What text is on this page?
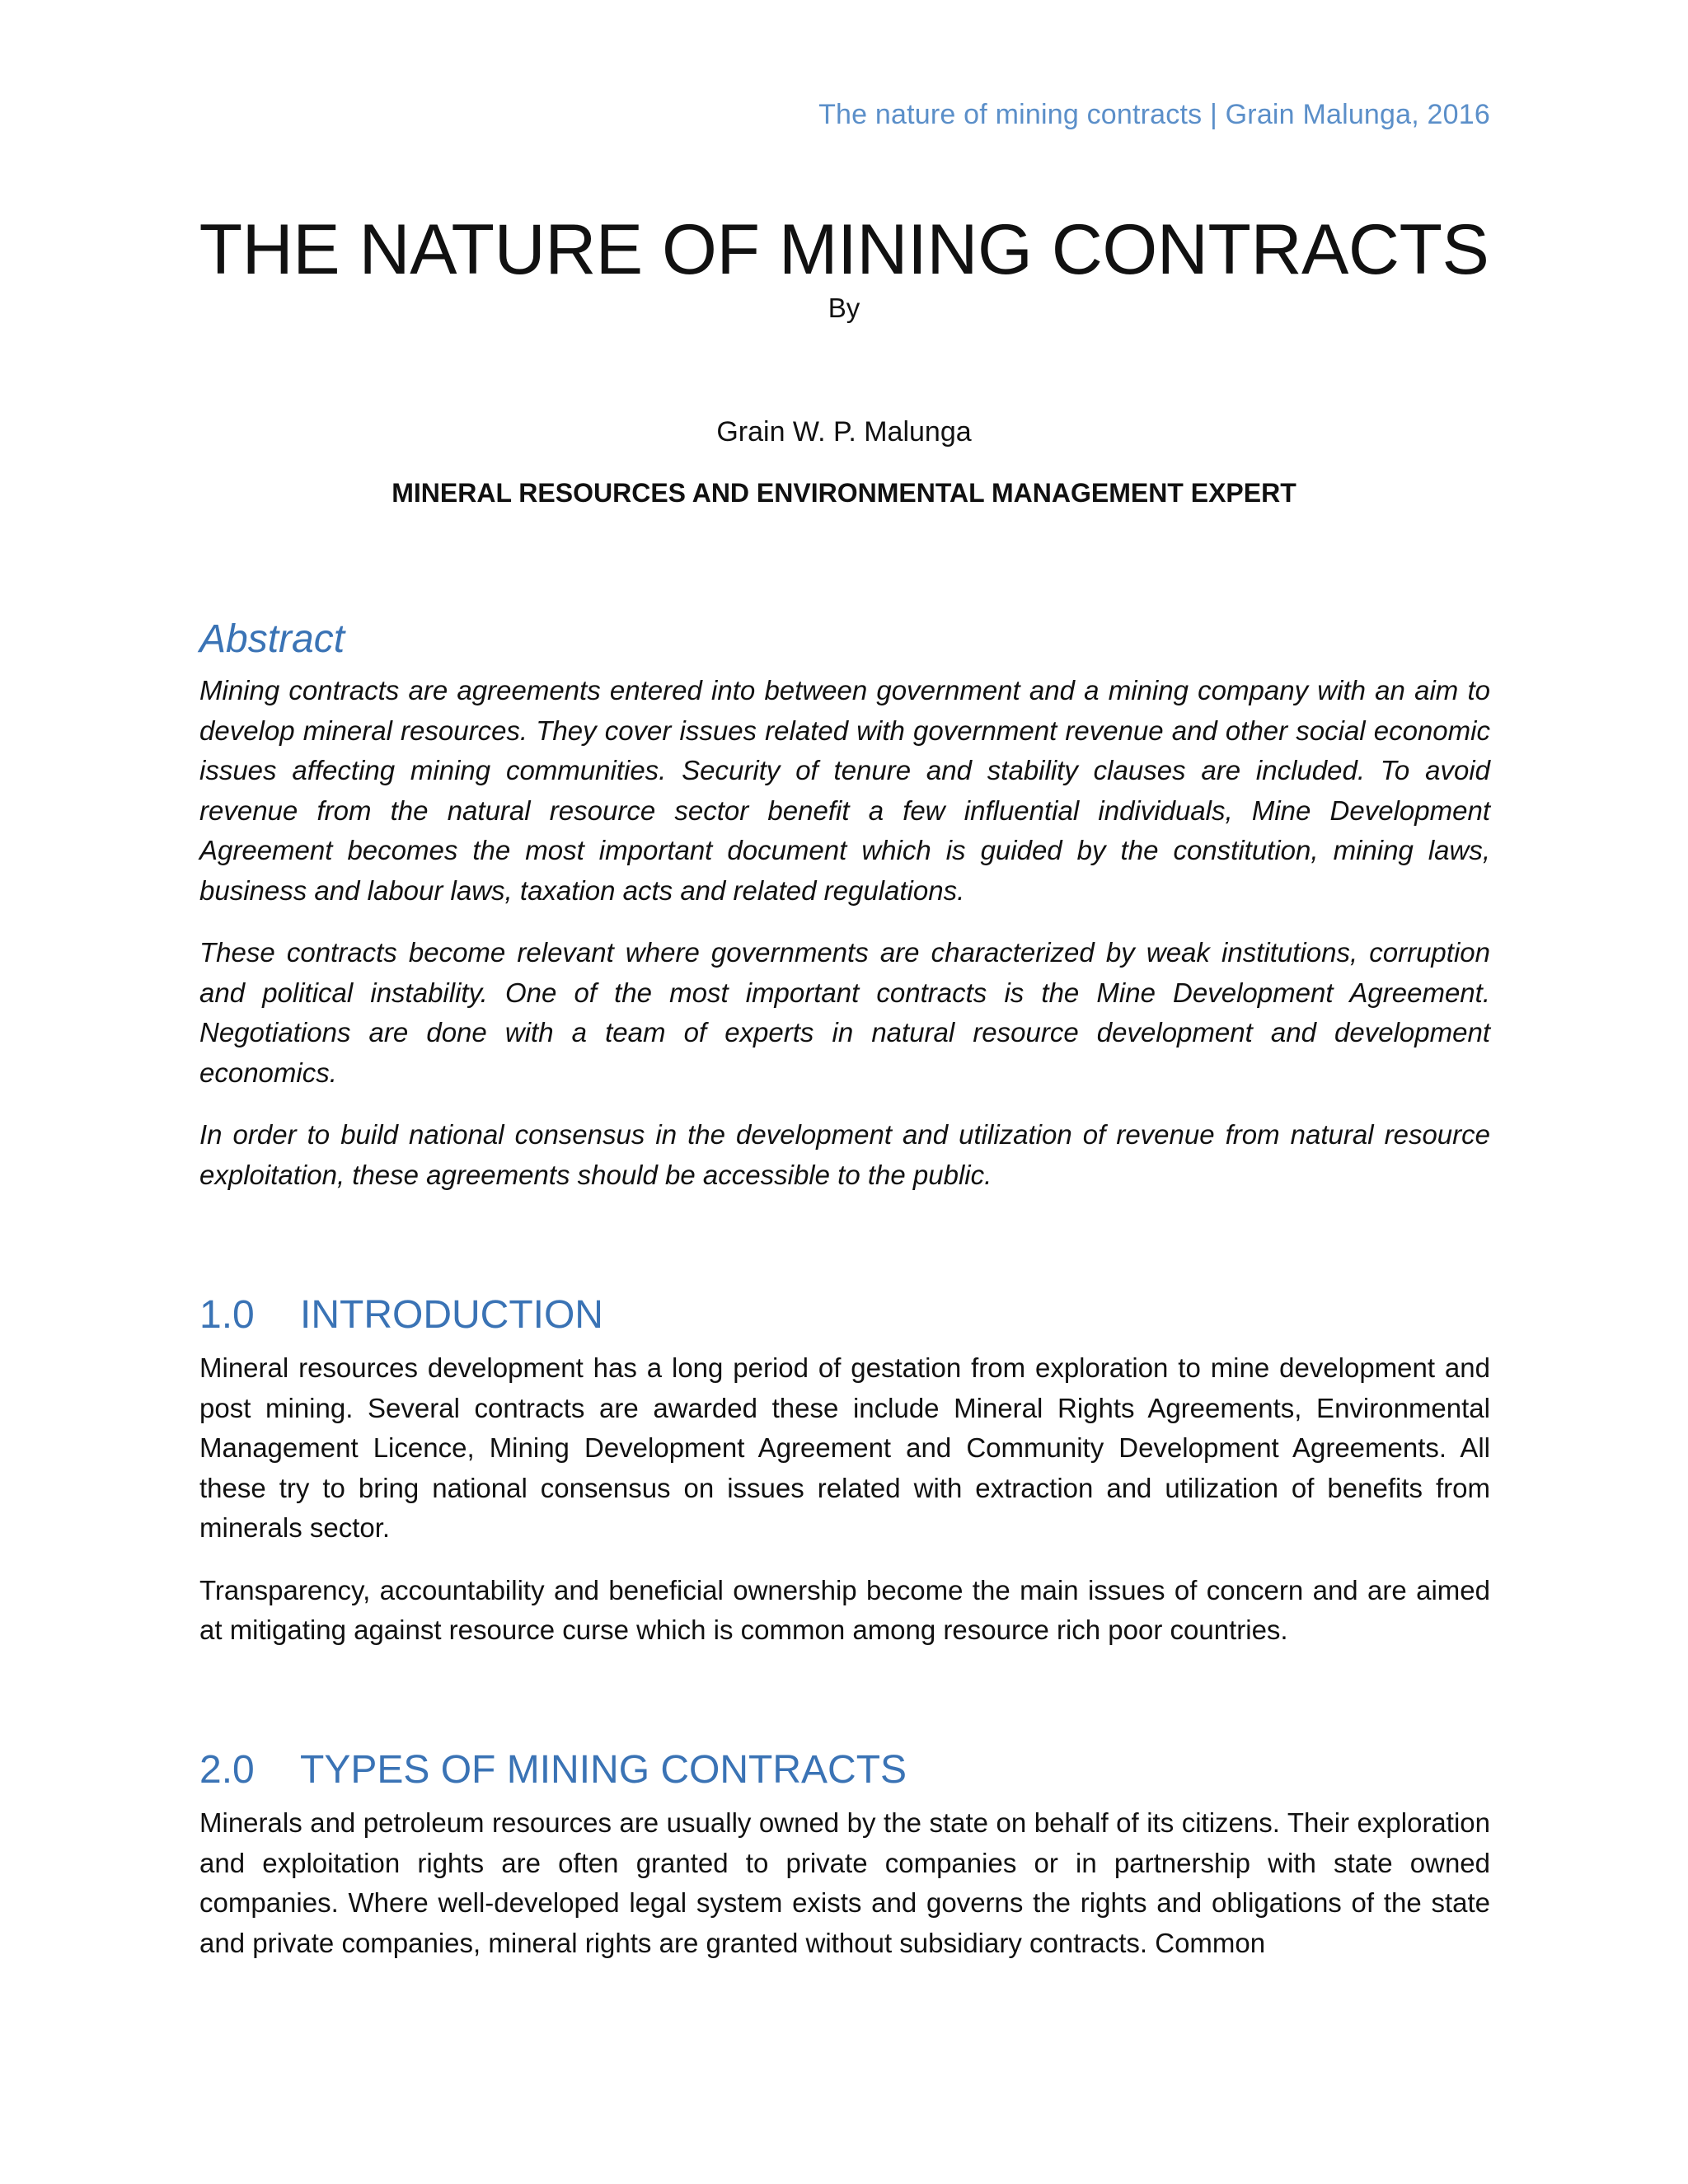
The nature of mining contracts | Grain Malunga, 2016
THE NATURE OF MINING CONTRACTS
By
Grain W. P. Malunga
MINERAL RESOURCES AND ENVIRONMENTAL MANAGEMENT EXPERT
Abstract

Mining contracts are agreements entered into between government and a mining company with an aim to develop mineral resources. They cover issues related with government revenue and other social economic issues affecting mining communities. Security of tenure and stability clauses are included. To avoid revenue from the natural resource sector benefit a few influential individuals, Mine Development Agreement becomes the most important document which is guided by the constitution, mining laws, business and labour laws, taxation acts and related regulations.

These contracts become relevant where governments are characterized by weak institutions, corruption and political instability. One of the most important contracts is the Mine Development Agreement. Negotiations are done with a team of experts in natural resource development and development economics.

In order to build national consensus in the development and utilization of revenue from natural resource exploitation, these agreements should be accessible to the public.

1.0 INTRODUCTION

Mineral resources development has a long period of gestation from exploration to mine development and post mining. Several contracts are awarded these include Mineral Rights Agreements, Environmental Management Licence, Mining Development Agreement and Community Development Agreements. All these try to bring national consensus on issues related with extraction and utilization of benefits from minerals sector.

Transparency, accountability and beneficial ownership become the main issues of concern and are aimed at mitigating against resource curse which is common among resource rich poor countries.

2.0 TYPES OF MINING CONTRACTS

Minerals and petroleum resources are usually owned by the state on behalf of its citizens. Their exploration and exploitation rights are often granted to private companies or in partnership with state owned companies. Where well-developed legal system exists and governs the rights and obligations of the state and private companies, mineral rights are granted without subsidiary contracts. Common
